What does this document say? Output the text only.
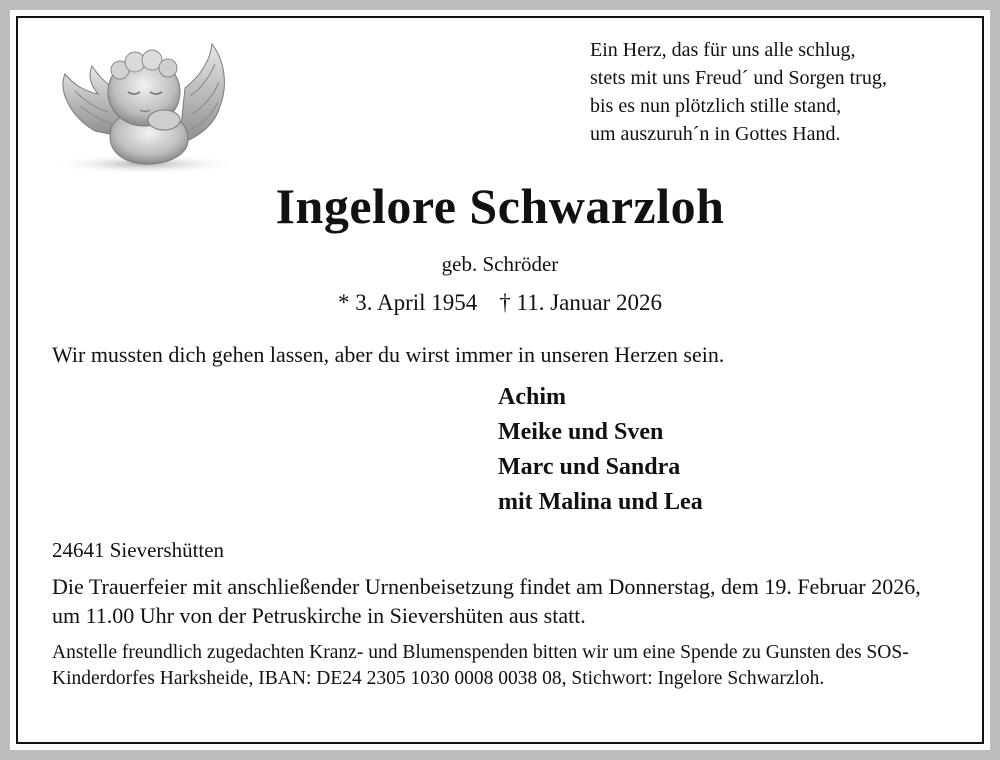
Ein Herz, das für uns alle schlug,
stets mit uns Freud´ und Sorgen trug,
bis es nun plötzlich stille stand,
um auszuruh´n in Gottes Hand.
Ingelore Schwarzloh
geb. Schröder
* 3. April 1954 † 11. Januar 2026
Wir mussten dich gehen lassen, aber du wirst immer in unseren Herzen sein.
Achim
Meike und Sven
Marc und Sandra
mit Malina und Lea
24641 Sievershütten
Die Trauerfeier mit anschließender Urnenbeisetzung findet am Donnerstag, dem 19. Februar 2026, um 11.00 Uhr von der Petruskirche in Sievershüten aus statt.
Anstelle freundlich zugedachten Kranz- und Blumenspenden bitten wir um eine Spende zu Gunsten des SOS-Kinderdorfes Harksheide, IBAN: DE24 2305 1030 0008 0038 08, Stichwort: Ingelore Schwarzloh.
